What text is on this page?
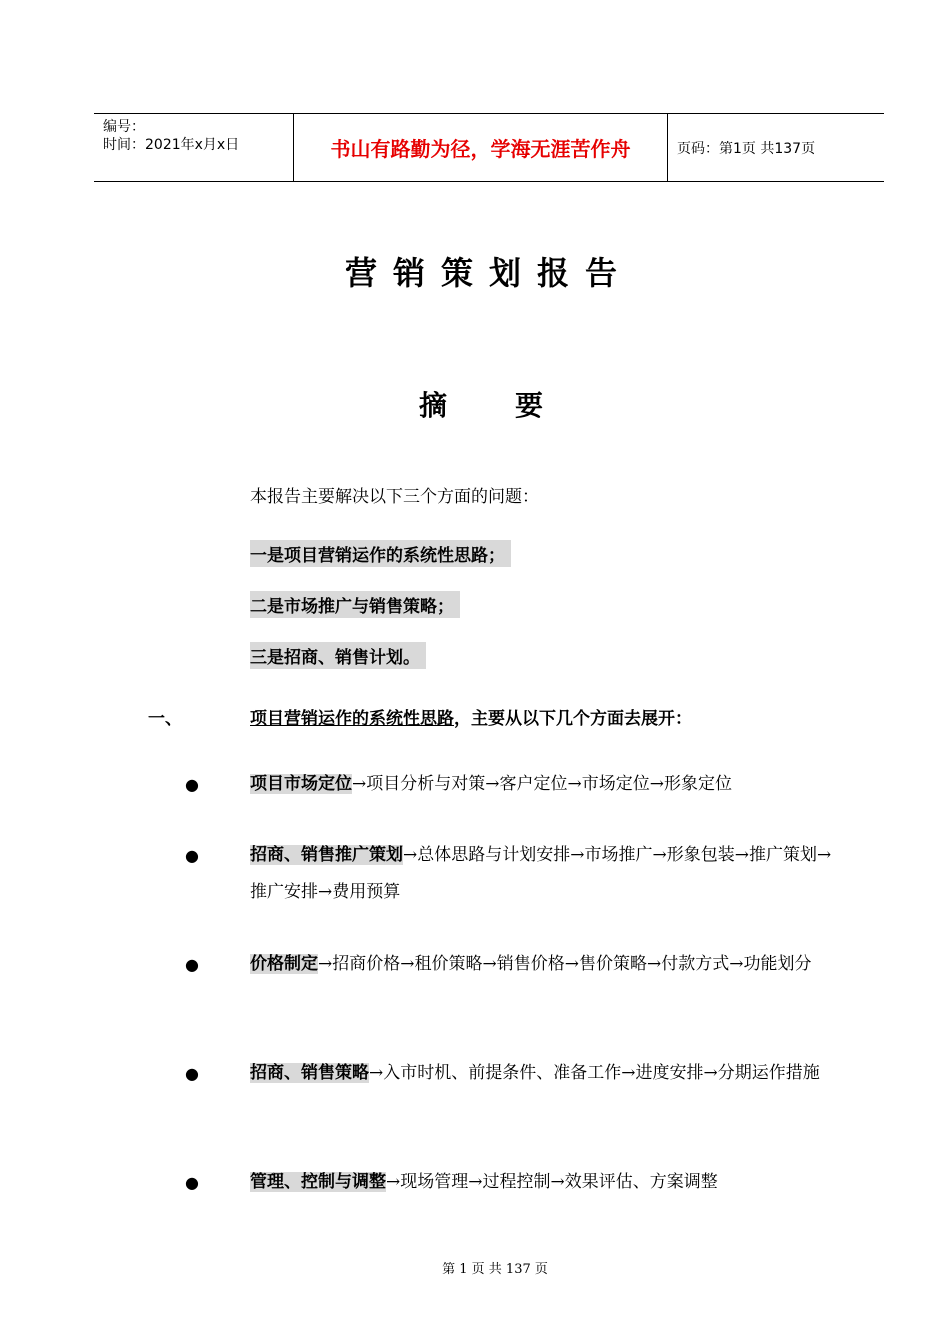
编号：
时间：2021年x月x日	书山有路勤为径，学海无涯苦作舟	页码：第1页 共137页
营销策划报告
摘要
本报告主要解决以下三个方面的问题：
一是项目营销运作的系统性思路；
二是市场推广与销售策略；
三是招商、销售计划。
一、	项目营销运作的系统性思路，主要从以下几个方面去展开：
●	项目市场定位→项目分析与对策→客户定位→市场定位→形象定位
●	招商、销售推广策划→总体思路与计划安排→市场推广→形象包装→推广策划→推广安排→费用预算
●	价格制定→招商价格→租价策略→销售价格→售价策略→付款方式→功能划分
●	招商、销售策略→入市时机、前提条件、准备工作→进度安排→分期运作措施
●	管理、控制与调整→现场管理→过程控制→效果评估、方案调整
第 1 页 共 137 页
